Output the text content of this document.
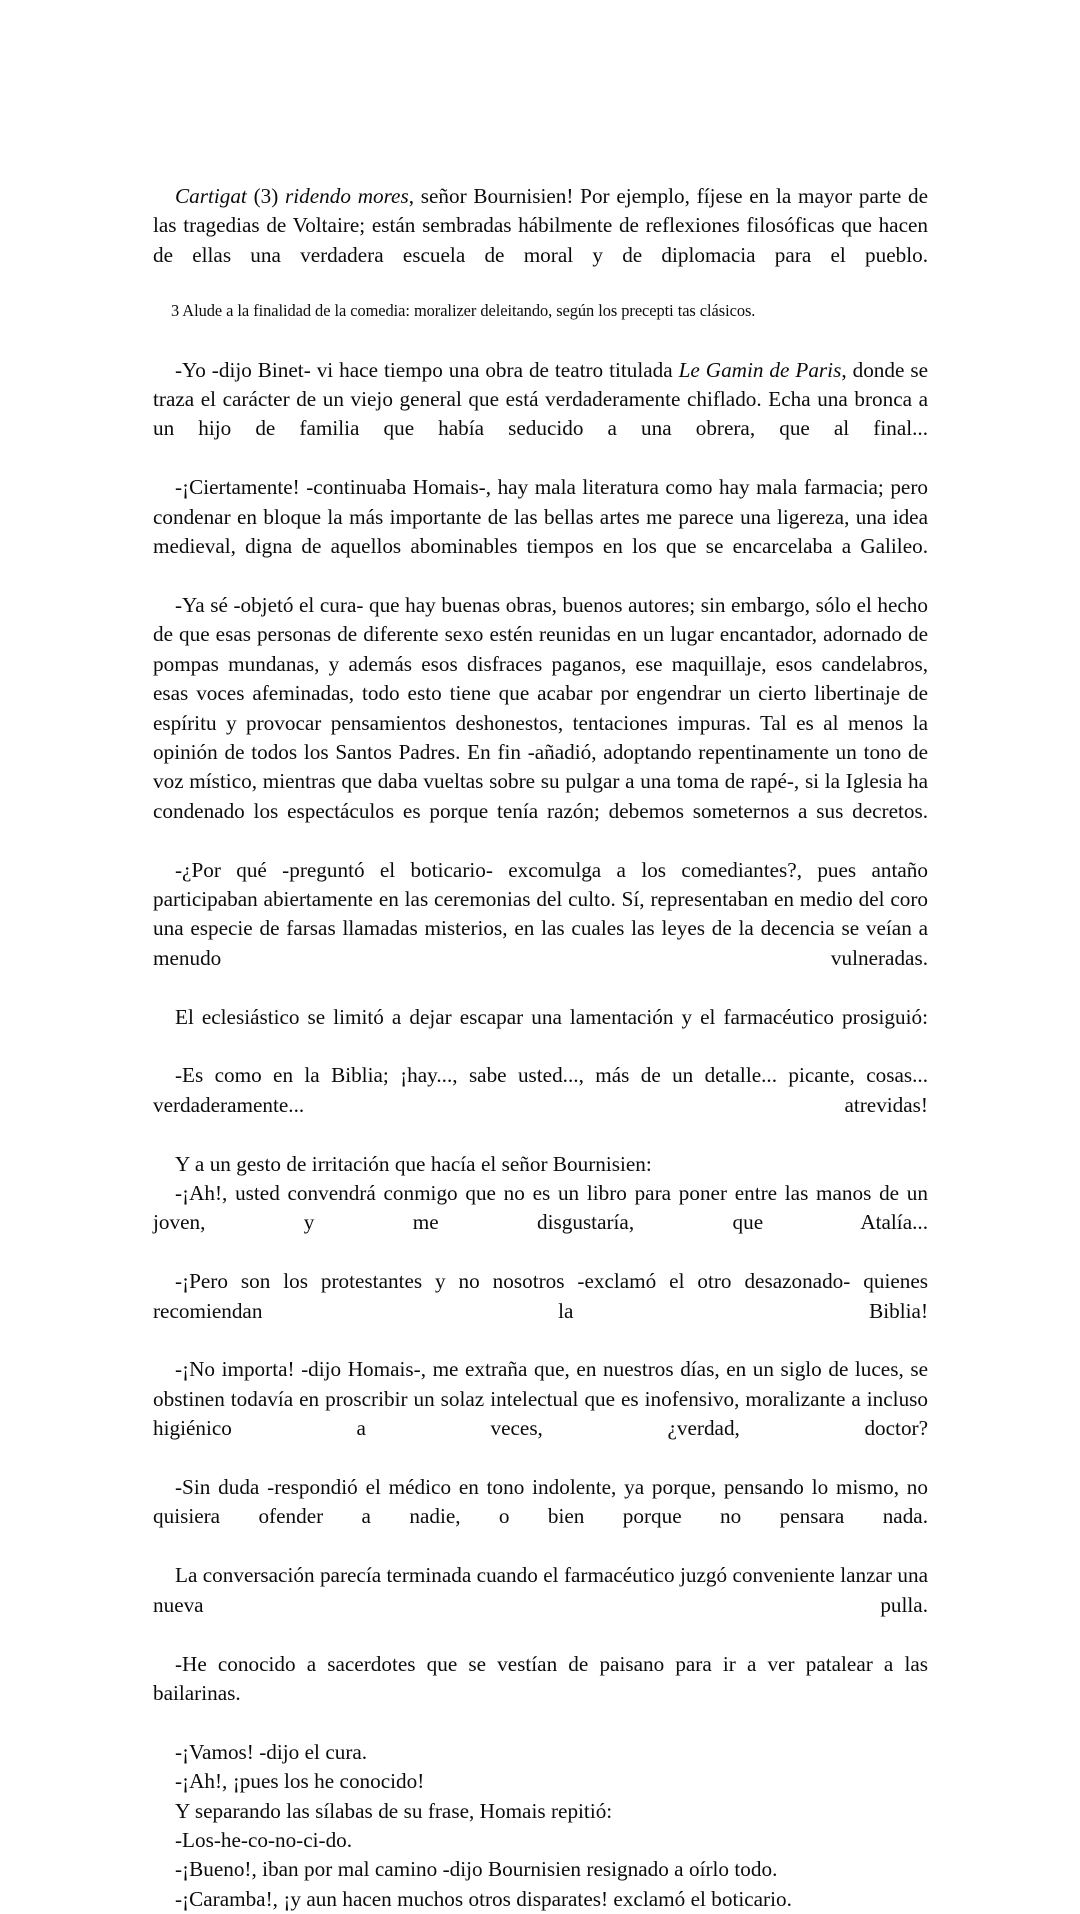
Cartigat (3) ridendo mores, señor Bournisien! Por ejemplo, fíjese en la mayor parte de las tragedias de Voltaire; están sembradas hábilmente de reflexiones filosóficas que hacen de ellas una verdadera escuela de moral y de diplomacia para el pueblo.

3 Alude a la finalidad de la comedia: moralizer deleitando, según los precepti tas clásicos.

-Yo -dijo Binet- vi hace tiempo una obra de teatro titulada Le Gamin de Paris, donde se traza el carácter de un viejo general que está verdaderamente chiflado. Echa una bronca a un hijo de familia que había seducido a una obrera, que al final...

-¡Ciertamente! -continuaba Homais-, hay mala literatura como hay mala farmacia; pero condenar en bloque la más importante de las bellas artes me parece una ligereza, una idea medieval, digna de aquellos abominables tiempos en los que se encarcelaba a Galileo.

-Ya sé -objetó el cura- que hay buenas obras, buenos autores; sin embargo, sólo el hecho de que esas personas de diferente sexo estén reunidas en un lugar encantador, adornado de pompas mundanas, y además esos disfraces paganos, ese maquillaje, esos candelabros, esas voces afeminadas, todo esto tiene que acabar por engendrar un cierto libertinaje de espíritu y provocar pensamientos deshonestos, tentaciones impuras. Tal es al menos la opinión de todos los Santos Padres. En fin -añadió, adoptando repentinamente un tono de voz místico, mientras que daba vueltas sobre su pulgar a una toma de rapé-, si la Iglesia ha condenado los espectáculos es porque tenía razón; debemos someternos a sus decretos.

-¿Por qué -preguntó el boticario- excomulga a los comediantes?, pues antaño participaban abiertamente en las ceremonias del culto. Sí, representaban en medio del coro una especie de farsas llamadas misterios, en las cuales las leyes de la decencia se veían a menudo vulneradas.

El eclesiástico se limitó a dejar escapar una lamentación y el farmacéutico prosiguió:

-Es como en la Biblia; ¡hay..., sabe usted..., más de un detalle... picante, cosas... verdaderamente... atrevidas!

Y a un gesto de irritación que hacía el señor Bournisien:

-¡Ah!, usted convendrá conmigo que no es un libro para poner entre las manos de un joven, y me disgustaría, que Atalía...

-¡Pero son los protestantes y no nosotros -exclamó el otro desazonado- quienes recomiendan la Biblia!

-¡No importa! -dijo Homais-, me extraña que, en nuestros días, en un siglo de luces, se obstinen todavía en proscribir un solaz intelectual que es inofensivo, moralizante a incluso higiénico a veces, ¿verdad, doctor?

-Sin duda -respondió el médico en tono indolente, ya porque, pensando lo mismo, no quisiera ofender a nadie, o bien porque no pensara nada.

La conversación parecía terminada cuando el farmacéutico juzgó conveniente lanzar una nueva pulla.

-He conocido a sacerdotes que se vestían de paisano para ir a ver patalear a las bailarinas.

-¡Vamos! -dijo el cura.

-¡Ah!, ¡pues los he conocido!

Y separando las sílabas de su frase, Homais repitió:

-Los-he-co-no-ci-do.

-¡Bueno!, iban por mal camino -dijo Bournisien resignado a oírlo todo.

-¡Caramba!, ¡y aun hacen muchos otros disparates! exclamó el boticario.
